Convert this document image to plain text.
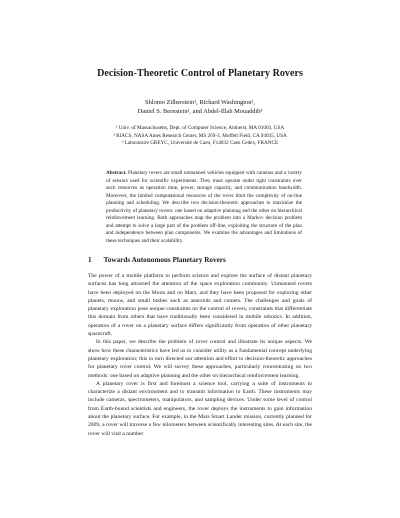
Decision-Theoretic Control of Planetary Rovers
Shlomo Zilberstein¹, Richard Washington²,
Daniel S. Bernstein¹, and Abdel-Illah Mouaddib³
¹ Univ. of Massachusetts, Dept. of Computer Science, Amherst, MA 01003, USA
² RIACS, NASA Ames Research Center, MS 269-3, Moffett Field, CA 94035, USA
³ Laboratoire GREYC, Université de Caen, F14032 Caen Cedex, FRANCE
Abstract. Planetary rovers are small unmanned vehicles equipped with cameras and a variety of sensors used for scientific experiments. They must operate under tight constraints over such resources as operation time, power, storage capacity, and communication bandwidth. Moreover, the limited computational resources of the rover limit the complexity of on-line planning and scheduling. We describe two decision-theoretic approaches to maximize the productivity of planetary rovers: one based on adaptive planning and the other on hierarchical reinforcement learning. Both approaches map the problem into a Markov decision problem and attempt to solve a large part of the problem off-line, exploiting the structure of the plan and independence between plan components. We examine the advantages and limitations of these techniques and their scalability.
1 Towards Autonomous Planetary Rovers

The power of a mobile platform to perform science and explore the surface of distant planetary surfaces has long attracted the attention of the space exploration community. Unmanned rovers have been deployed on the Moon and on Mars, and they have been proposed for exploring other planets, moons, and small bodies such as asteroids and comets. The challenges and goals of planetary exploration pose unique constraints on the control of rovers, constraints that differentiate this domain from others that have traditionally been considered in mobile robotics. In addition, operation of a rover on a planetary surface differs significantly from operation of other planetary spacecraft.

In this paper, we describe the problem of rover control and illustrate its unique aspects. We show how these characteristics have led us to consider utility as a fundamental concept underlying planetary exploration; this in turn directed our attention and effort to decision-theoretic approaches for planetary rover control. We will survey these approaches, particularly concentrating on two methods: one based on adaptive planning and the other on hierarchical reinforcement learning.

A planetary rover is first and foremost a science tool, carrying a suite of instruments to characterize a distant environment and to transmit information to Earth. These instruments may include cameras, spectrometers, manipulators, and sampling devices. Under some level of control from Earth-bound scientists and engineers, the rover deploys the instruments to gain information about the planetary surface. For example, in the Mars Smart Lander mission, currently planned for 2009, a rover will traverse a few kilometers between scientifically interesting sites. At each site, the rover will visit a number
